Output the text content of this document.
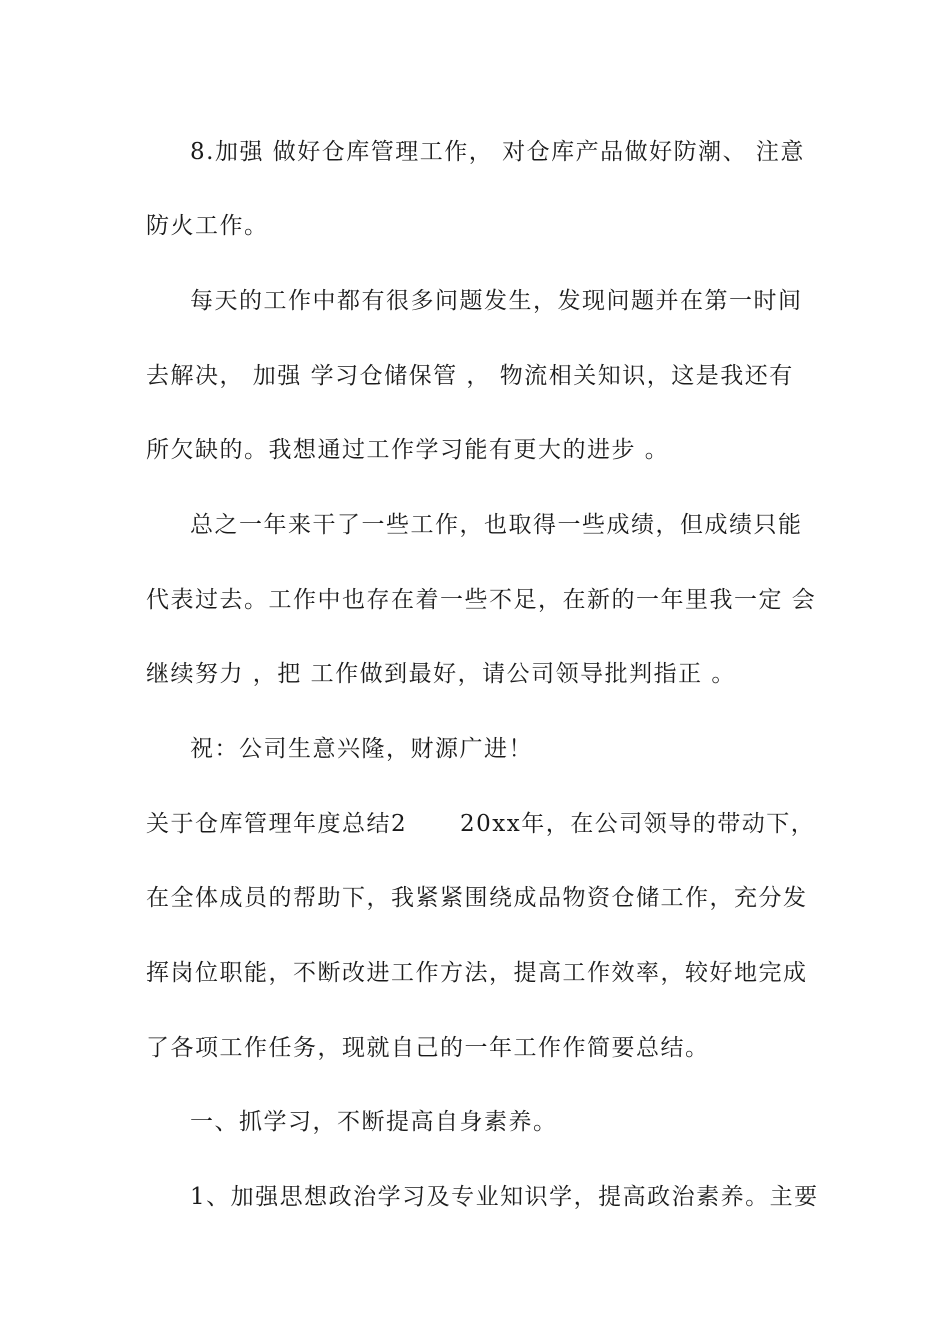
8.加强 做好仓库管理工作， 对仓库产品做好防潮、 注意
防火工作。
每天的工作中都有很多问题发生，发现问题并在第一时间
去解决， 加强 学习仓储保管 ， 物流相关知识，这是我还有
所欠缺的。我想通过工作学习能有更大的进步 。
总之一年来干了一些工作，也取得一些成绩，但成绩只能
代表过去。工作中也存在着一些不足，在新的一年里我一定 会
继续努力 ，把 工作做到最好，请公司领导批判指正 。
祝：公司生意兴隆，财源广进！
关于仓库管理年度总结2      20xx年，在公司领导的带动下，
在全体成员的帮助下，我紧紧围绕成品物资仓储工作，充分发
挥岗位职能，不断改进工作方法，提高工作效率，较好地完成
了各项工作任务，现就自己的一年工作作简要总结。
一、抓学习，不断提高自身素养。
1、加强思想政治学习及专业知识学，提高政治素养。主要
